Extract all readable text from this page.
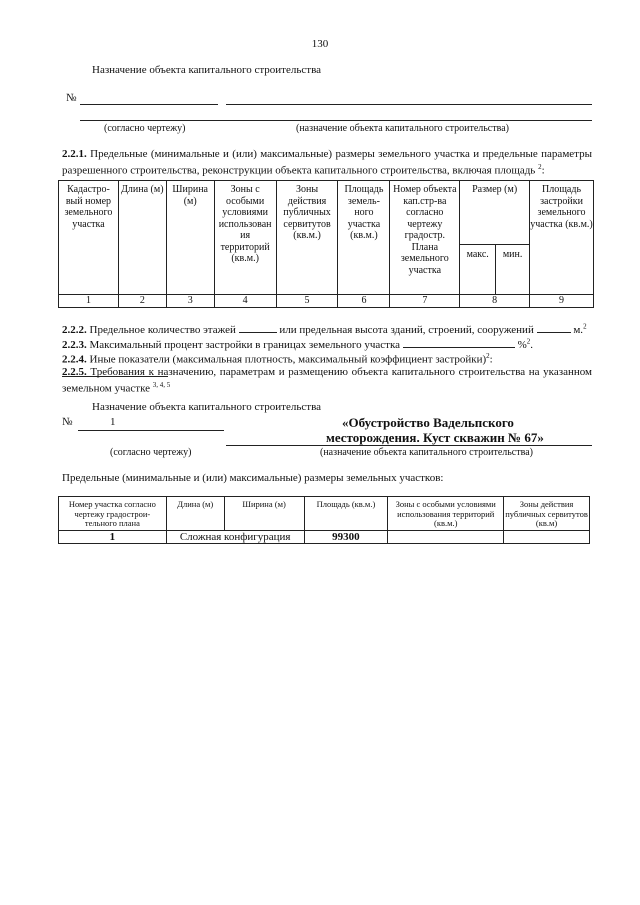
130
Назначение объекта капитального строительства
№
(согласно чертежу)	(назначение объекта капитального строительства)
2.2.1. Предельные (минимальные и (или) максимальные) размеры земельного участка и предельные параметры разрешенного строительства, реконструкции объекта капитального строительства, включая площадь $^2$:
Кадастро-вый номер земельного участка	Длина (м)	Ширина (м)	Зоны с особыми условиями использован ия территорий (кв.м.)	Зоны действия публичных сервитутов (кв.м.)	Площадь земель-ного участка (кв.м.)	Номер объекта кап.стр-ва согласно чертежу градостр. Плана земельного участка	Размер (м)		Площадь застройки земельного участка (кв.м.)
							макс.	мин.	
1	2	3	4	5	6	7	8		9
2.2.2. Предельное количество этажей	или предельная высота зданий, строений, сооружений	м.$^2$
2.2.3. Максимальный процент застройки в границах земельного участка	%$^2$.
2.2.4. Иные показатели (максимальная плотность, максимальный коэффициент застройки)$^2$:
2.2.5. Требования к назначению, параметрам и размещению объекта капитального строительства на указанном земельном участке $^{3, 4, 5}$
Назначение объекта капитального строительства
№	1	«Обустройство Вадельпского
месторождения. Куст скважин № 67»
(согласно чертежу)	(назначение объекта капитального строительства)
Предельные (минимальные и (или) максимальные) размеры земельных участков:
Номер участка согласно чертежу градострои-тельного плана	Длина (м)	Ширина (м)	Площадь (кв.м.)	Зоны с особыми условиями использования территорий (кв.м.)	Зоны действия публичных сервитутов (кв.м)
1	Сложная конфигурация		99300		
